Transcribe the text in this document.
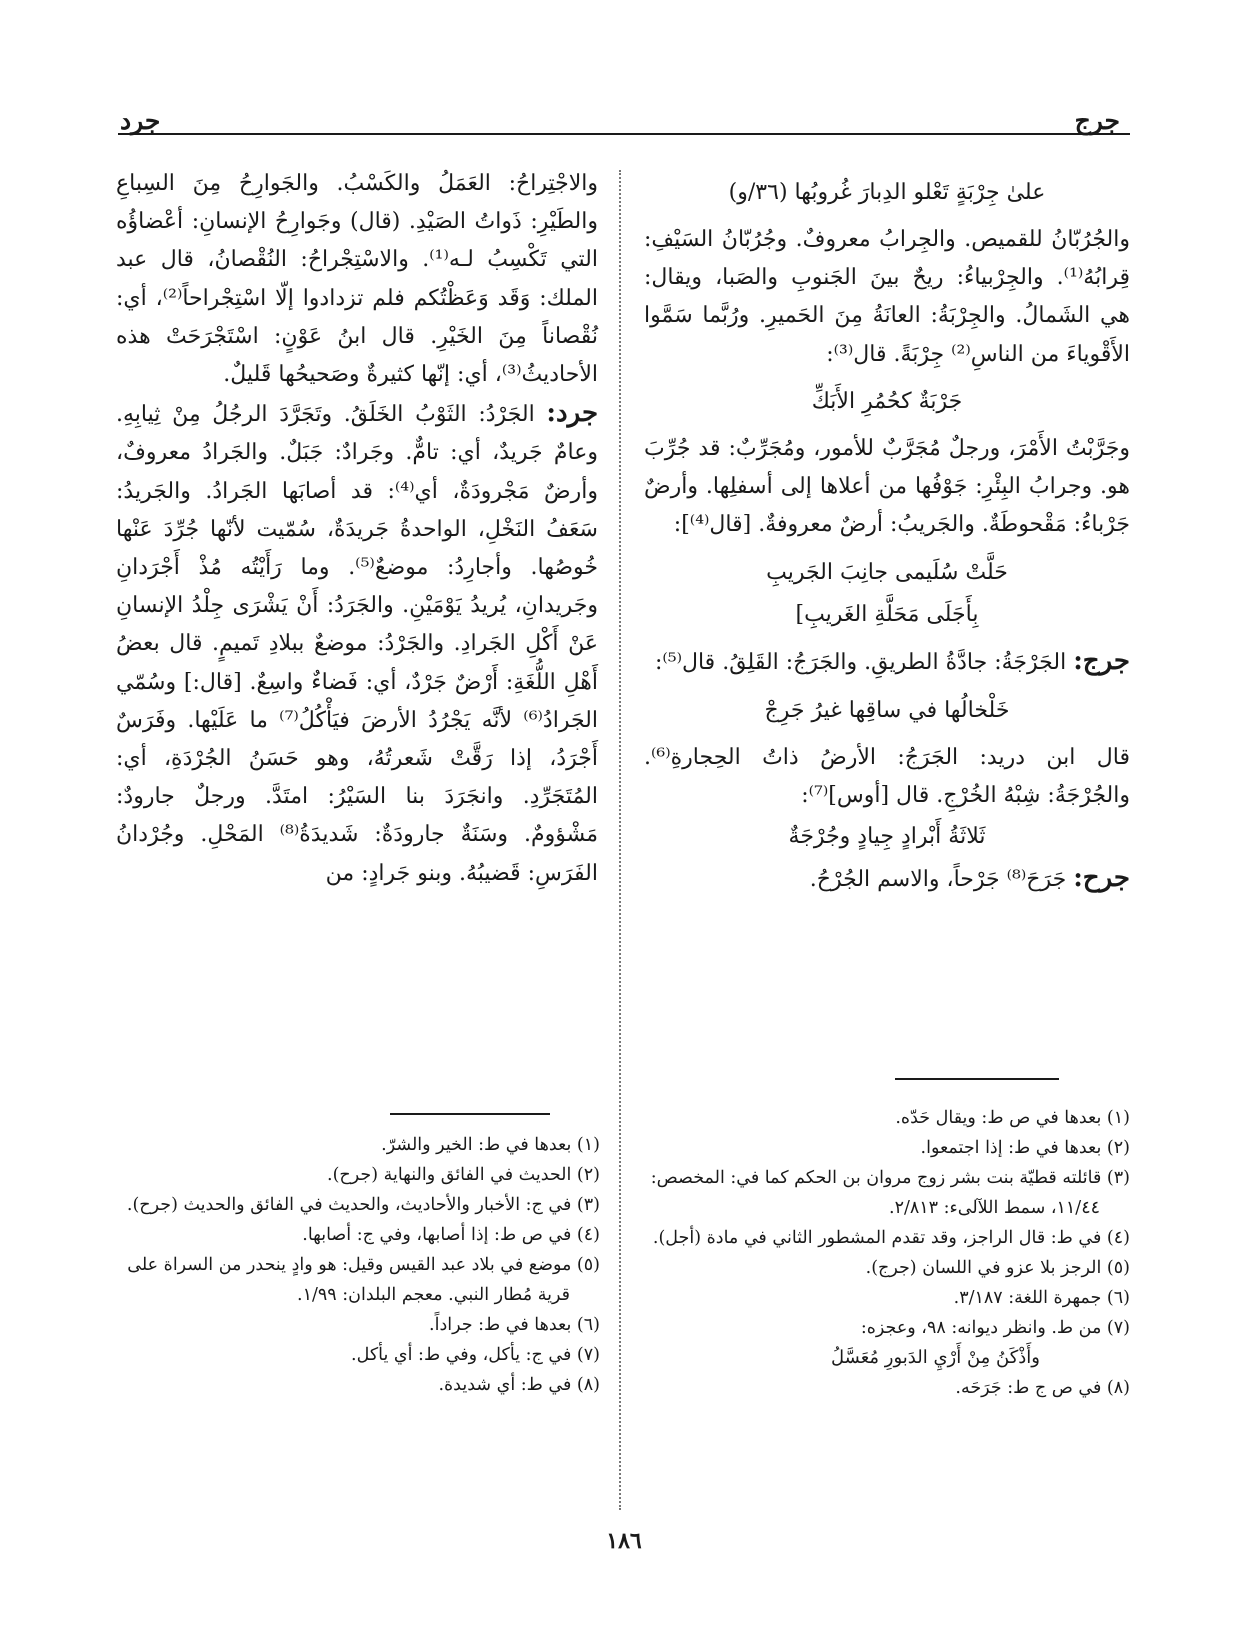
جرج
جرد
علىٰ جِرْبَةٍ تَعْلو الدِبارَ غُروبُها (٣٦/و)

والجُرُبّانُ للقميص. والجِرابُ معروفٌ. وجُرُبّانُ السَيْفِ: قِرابُهُ⁽¹⁾. والجِرْبياءُ: ريحٌ بينَ الجَنوبِ والصَبا، ويقال: هي الشَمالُ. والجِرْبَةُ: العانَةُ مِنَ الحَميرِ. ورُبَّما سَمَّوا الأَقْوياءَ من الناسِ⁽²⁾ جِرْبَةً. قال⁽³⁾:

جَرْبَةٌ كحُمُرِ الأَبَكِّ

وجَرَّبْتُ الأَمْرَ، ورجلٌ مُجَرَّبٌ للأمور، ومُجَرِّبٌ: قد جُرِّبَ هو. وجرابُ البِئْرِ: جَوْفُها من أعلاها إلى أسفلِها. وأرضٌ جَرْباءُ: مَقْحوطَةٌ. والجَريبُ: أرضٌ معروفةٌ. [قال⁽⁴⁾]:

حَلَّتْ سُلَيمى جانِبَ الجَريبِ
بِأَجَلَى مَحَلَّةِ الغَريبِ]

جرج: الجَرْجَةُ: جادَّةُ الطريقِ. والجَرَجُ: القَلِقُ. قال⁽⁵⁾:

خَلْخالُها في ساقِها غيرُ جَرِجْ

قال ابن دريد: الجَرَجُ: الأرضُ ذاتُ الحِجارةِ⁽⁶⁾. والجُرْجَةُ: شِبْهُ الخُرْجِ. قال [أوس]⁽⁷⁾:

ثَلاثَةُ أَبْرادٍ جِيادٍ وجُرْجَةٌ

جرح: جَرَحَ⁽⁸⁾ جَرْحاً، والاسم الجُرْحُ.

والاجْتِراحُ: العَمَلُ والكَسْبُ. والجَوارِحُ مِنَ السِباعِ والطَيْرِ: ذَواتُ الصَيْدِ. (قال) وجَوارِحُ الإنسانِ: أعْضاؤُه التي تَكْسِبُ لـه⁽¹⁾. والاسْتِجْراحُ: النُقْصانُ، قال عبد الملك: وَقَد وَعَظْتُكم فلم تزدادوا إلّا اسْتِجْراحاً⁽²⁾، أي: نُقْصاناً مِنَ الخَيْرِ. قال ابنُ عَوْنٍ: اسْتَجْرَحَتْ هذه الأحاديثُ⁽³⁾، أي: إنّها كثيرةٌ وصَحيحُها قَليلٌ.

جرد: الجَرْدُ: الثَوْبُ الخَلَقُ. وتَجَرَّدَ الرجُلُ مِنْ ثِيابِهِ. وعامٌ جَريدٌ، أي: تامٌّ. وجَرادٌ: جَبَلٌ. والجَرادُ معروفٌ، وأرضٌ مَجْرودَةٌ، أي⁽⁴⁾: قد أصابَها الجَرادُ. والجَريدُ: سَعَفُ النَخْلِ، الواحدةُ جَريدَةٌ، سُمّيت لأنّها جُرِّدَ عَنْها خُوصُها. وأجارِدُ: موضعٌ⁽⁵⁾. وما رَأَيْتُه مُذْ أَجْرَدانِ وجَريدانِ، يُريدُ يَوْمَيْنِ. والجَرَدُ: أَنْ يَشْرَى جِلْدُ الإنسانِ عَنْ أَكْلِ الجَرادِ. والجَرْدُ: موضعٌ ببلادِ تَميمٍ. قال بعضُ أَهْلِ اللُّغَةِ: أَرْضٌ جَرْدٌ، أي: فَضاءٌ واسِعٌ. [قال:] وسُمّي الجَرادُ⁽⁶⁾ لأنَّه يَجْرُدُ الأرضَ فيَأْكُلُ⁽⁷⁾ ما عَلَيْها. وفَرَسٌ أَجْرَدُ، إذا رَقَّتْ شَعرتُهُ، وهو حَسَنُ الجُرْدَةِ، أي: المُتَجَرِّدِ. وانجَرَدَ بنا السَيْرُ: امتَدَّ. ورجلٌ جارودٌ: مَشْؤومٌ. وسَنَةٌ جارودَةٌ: شَديدَةُ⁽⁸⁾ المَحْلِ. وجُرْدانُ الفَرَسِ: قَضيبُهُ. وبنو جَرادٍ: من

(١) بعدها في ص ط: ويقال حَدّه.

(٢) بعدها في ط: إذا اجتمعوا.

(٣) قائلته قطيّة بنت بشر زوج مروان بن الحكم كما في: المخصص: ١١/٤٤، سمط اللآلىء: ٢/٨١٣.

(٤) في ط: قال الراجز، وقد تقدم المشطور الثاني في مادة (أجل).

(٥) الرجز بلا عزو في اللسان (جرج).

(٦) جمهرة اللغة: ٣/١٨٧.

(٧) من ط. وانظر ديوانه: ٩٨، وعجزه:

وأَذْكَنُ مِنْ أَرْيِ الدَبورِ مُعَسَّلُ

(٨) في ص ج ط: جَرَحَه.

(١) بعدها في ط: الخير والشرّ.

(٢) الحديث في الفائق والنهاية (جرح).

(٣) في ج: الأخبار والأحاديث، والحديث في الفائق والحديث (جرح).

(٤) في ص ط: إذا أصابها، وفي ج: أصابها.

(٥) موضع في بلاد عبد القيس وقيل: هو وادٍ ينحدر من السراة على قرية مُطار النبي. معجم البلدان: ١/٩٩.

(٦) بعدها في ط: جراداً.

(٧) في ج: يأكل، وفي ط: أي يأكل.

(٨) في ط: أي شديدة.

١٨٦
